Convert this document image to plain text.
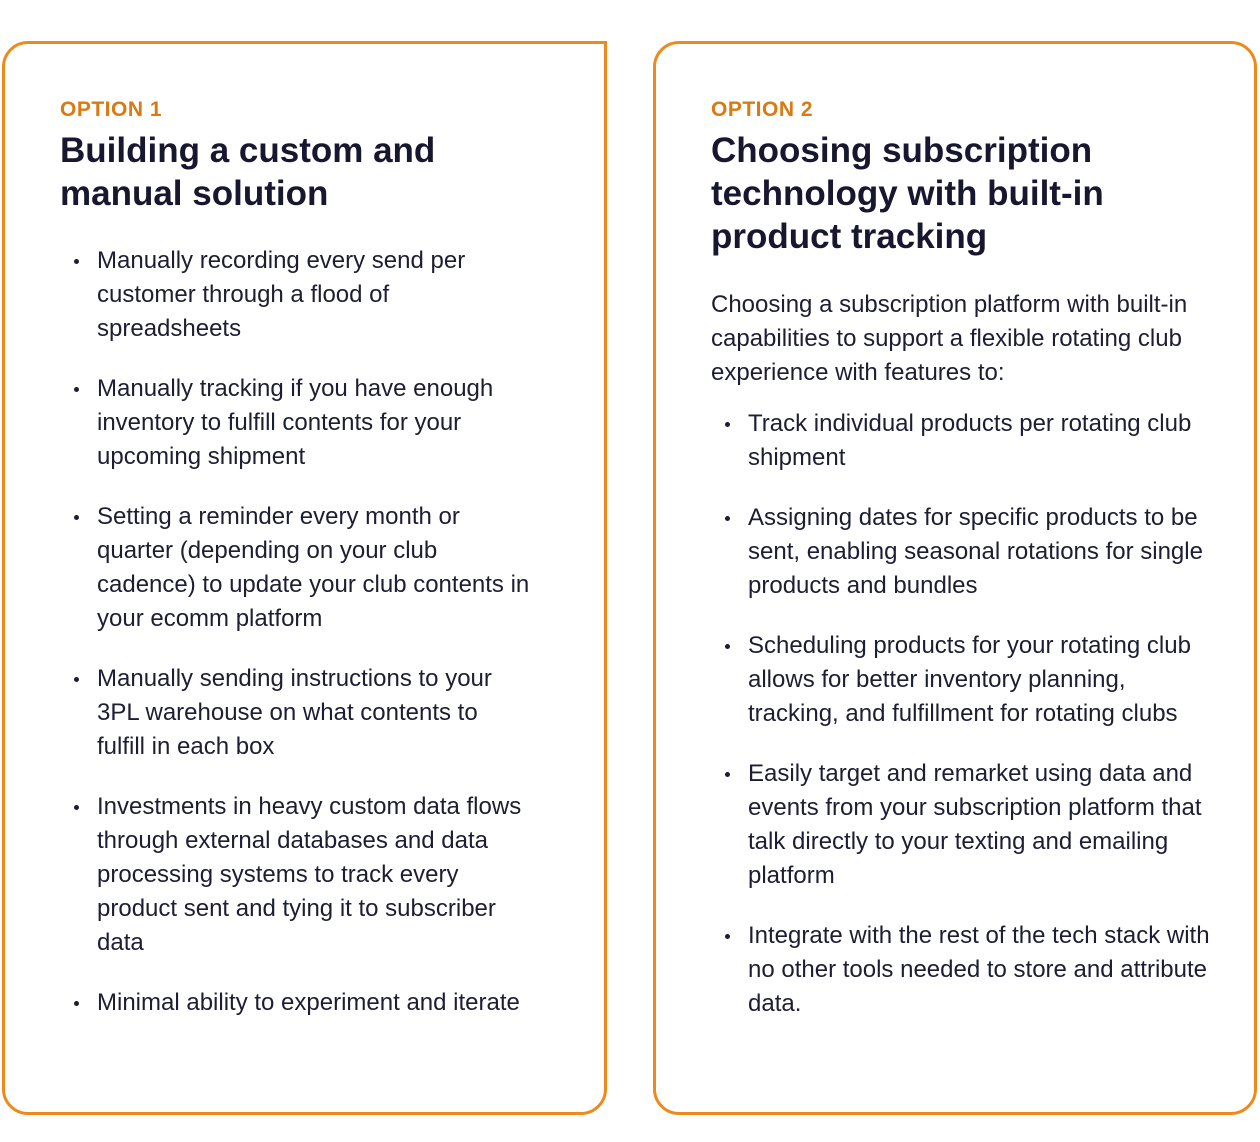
OPTION 1
Building a custom and
manual solution
Manually recording every send per customer through a flood of spreadsheets
Manually tracking if you have enough inventory to fulfill contents for your upcoming shipment
Setting a reminder every month or quarter (depending on your club cadence) to update your club contents in your ecomm platform
Manually sending instructions to your 3PL warehouse on what contents to fulfill in each box
Investments in heavy custom data flows through external databases and data processing systems to track every product sent and tying it to subscriber data
Minimal ability to experiment and iterate
OPTION 2
Choosing subscription
technology with built-in
product tracking

Choosing a subscription platform with built-in capabilities to support a flexible rotating club experience with features to:

Track individual products per rotating club shipment
Assigning dates for specific products to be sent, enabling seasonal rotations for single products and bundles
Scheduling products for your rotating club allows for better inventory planning, tracking, and fulfillment for rotating clubs
Easily target and remarket using data and events from your subscription platform that talk directly to your texting and emailing platform
Integrate with the rest of the tech stack with no other tools needed to store and attribute data.
